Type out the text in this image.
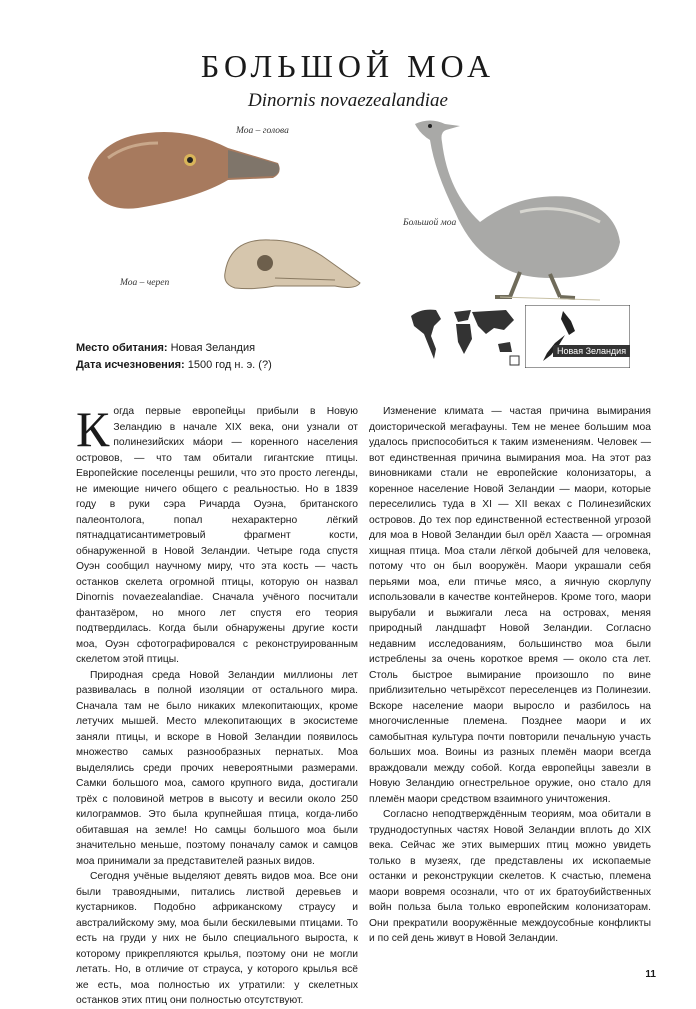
БОЛЬШОЙ МОА
Dinornis novaezealandiae
Моа – голова
Моа – череп
Большой моа
Новая Зеландия
Место обитания: Новая Зеландия
Дата исчезновения: 1500 год н. э. (?)

Когда первые европейцы прибыли в Новую Зеландию в начале XIX века, они узнали от полинезийских ма́ори — коренного населения островов, — что там обитали гигантские птицы. Европейские поселенцы решили, что это просто легенды, не имеющие ничего общего с реальностью. Но в 1839 году в руки сэра Ричарда Оуэна, британского палеонтолога, попал нехарактерно лёгкий пятнадцатисантиметровый фрагмент кости, обнаруженной в Новой Зеландии. Четыре года спустя Оуэн сообщил научному миру, что эта кость — часть останков скелета огромной птицы, которую он назвал Dinornis novaezealandiae. Сначала учёного посчитали фантазёром, но много лет спустя его теория подтвердилась. Когда были обнаружены другие кости моа, Оуэн сфотографировался с реконструированным скелетом этой птицы.

Природная среда Новой Зеландии миллионы лет развивалась в полной изоляции от остального мира. Сначала там не было никаких млекопитающих, кроме летучих мышей. Место млекопитающих в экосистеме заняли птицы, и вскоре в Новой Зеландии появилось множество самых разнообразных пернатых. Моа выделялись среди прочих невероятными размерами. Самки большого моа, самого крупного вида, достигали трёх с половиной метров в высоту и весили около 250 килограммов. Это была крупнейшая птица, когда-либо обитавшая на земле! Но самцы большого моа были значительно меньше, поэтому поначалу самок и самцов моа принимали за представителей разных видов.

Сегодня учёные выделяют девять видов моа. Все они были травоядными, питались листвой деревьев и кустарников. Подобно африканскому страусу и австралийскому эму, моа были бескилевыми птицами. То есть на груди у них не было специального выроста, к которому прикрепляются крылья, поэтому они не могли летать. Но, в отличие от страуса, у которого крылья всё же есть, моа полностью их утратили: у скелетных останков этих птиц они полностью отсутствуют.

Изменение климата — частая причина вымирания доисторической мегафауны. Тем не менее большим моа удалось приспособиться к таким изменениям. Человек — вот единственная причина вымирания моа. На этот раз виновниками стали не европейские колонизаторы, а коренное население Новой Зеландии — маори, которые переселились туда в XI — XII веках с Полинезийских островов. До тех пор единственной естественной угрозой для моа в Новой Зеландии был орёл Хааста — огромная хищная птица. Моа стали лёгкой добычей для человека, потому что он был вооружён. Маори украшали себя перьями моа, ели птичье мясо, а яичную скорлупу использовали в качестве контейнеров. Кроме того, маори вырубали и выжигали леса на островах, меняя природный ландшафт Новой Зеландии. Согласно недавним исследованиям, большинство моа были истреблены за очень короткое время — около ста лет. Столь быстрое вымирание произошло по вине приблизительно четырёхсот переселенцев из Полинезии. Вскоре население маори выросло и разбилось на многочисленные племена. Позднее маори и их самобытная культура почти повторили печальную участь больших моа. Воины из разных племён маори всегда враждовали между собой. Когда европейцы завезли в Новую Зеландию огнестрельное оружие, оно стало для племён маори средством взаимного уничтожения.

Согласно неподтверждённым теориям, моа обитали в труднодоступных частях Новой Зеландии вплоть до XIX века. Сейчас же этих вымерших птиц можно увидеть только в музеях, где представлены их ископаемые останки и реконструкции скелетов. К счастью, племена маори вовремя осознали, что от их братоубийственных войн польза была только европейским колонизаторам. Они прекратили вооружённые междоусобные конфликты и по сей день живут в Новой Зеландии.

11
